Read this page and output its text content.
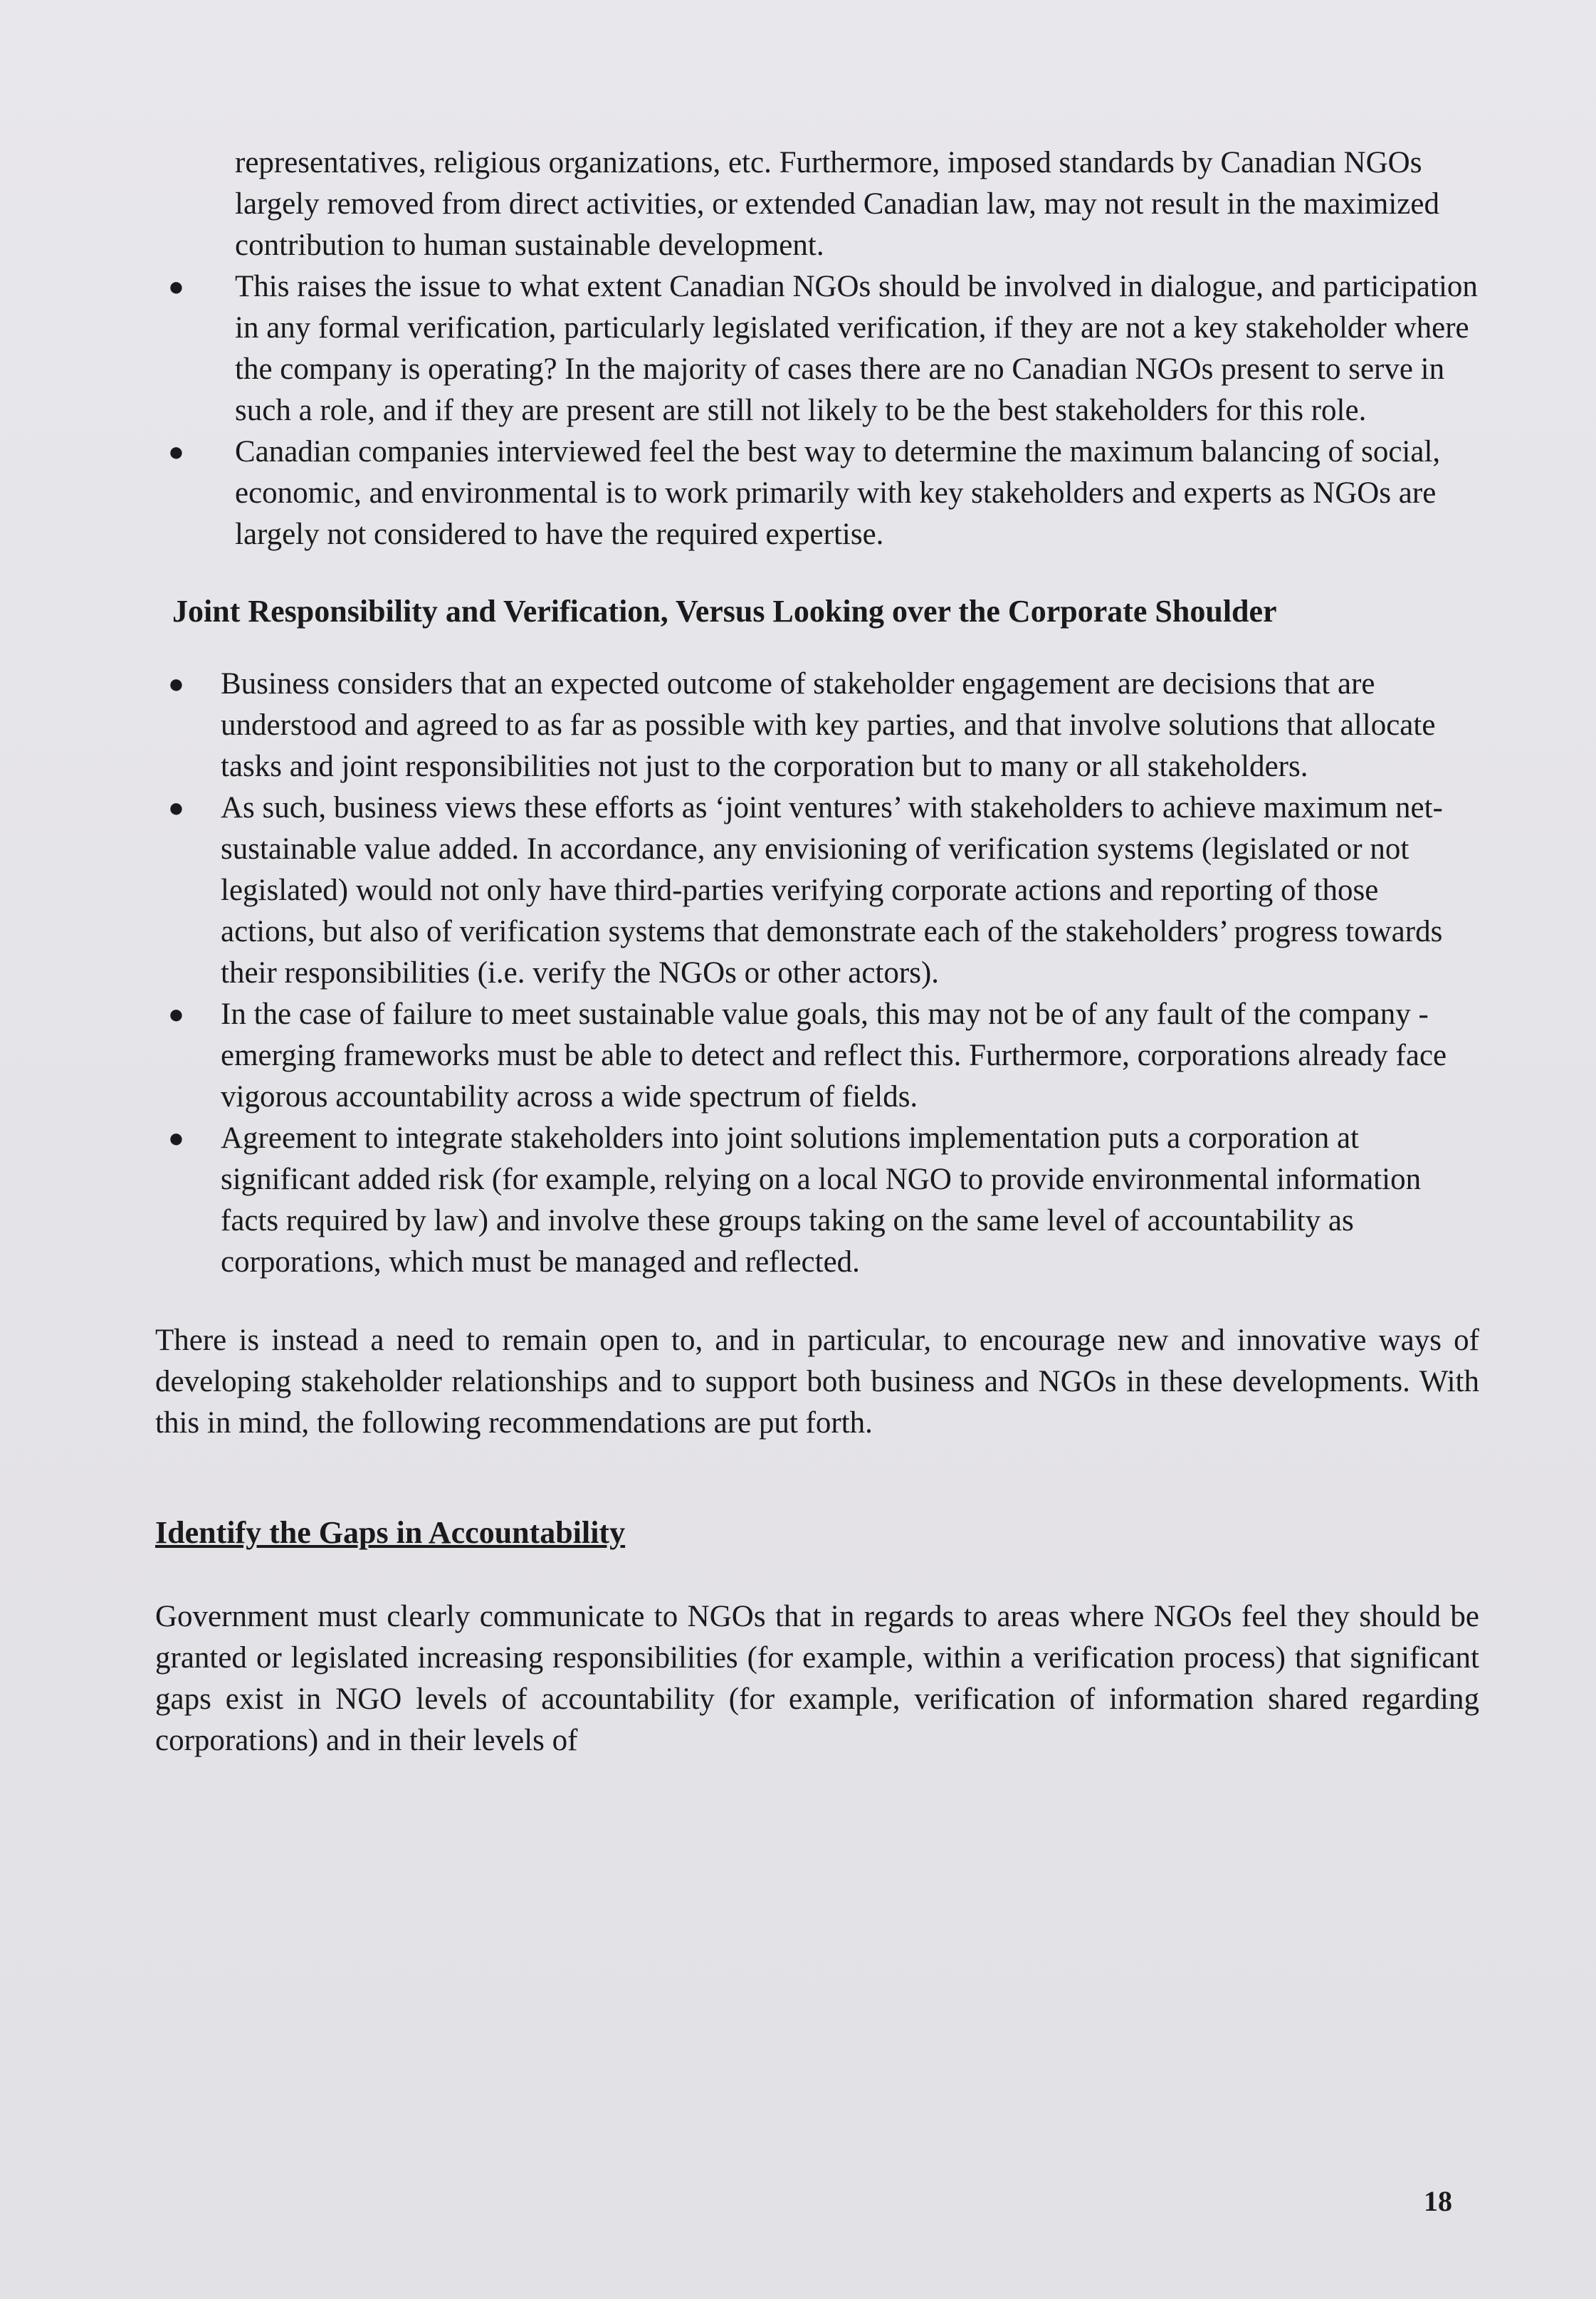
representatives, religious organizations, etc. Furthermore, imposed standards by Canadian NGOs largely removed from direct activities, or extended Canadian law, may not result in the maximized contribution to human sustainable development.

● This raises the issue to what extent Canadian NGOs should be involved in dialogue, and participation in any formal verification, particularly legislated verification, if they are not a key stakeholder where the company is operating? In the majority of cases there are no Canadian NGOs present to serve in such a role, and if they are present are still not likely to be the best stakeholders for this role.
● Canadian companies interviewed feel the best way to determine the maximum balancing of social, economic, and environmental is to work primarily with key stakeholders and experts as NGOs are largely not considered to have the required expertise.
Joint Responsibility and Verification, Versus Looking over the Corporate Shoulder
● Business considers that an expected outcome of stakeholder engagement are decisions that are understood and agreed to as far as possible with key parties, and that involve solutions that allocate tasks and joint responsibilities not just to the corporation but to many or all stakeholders.
● As such, business views these efforts as ‘joint ventures’ with stakeholders to achieve maximum net-sustainable value added. In accordance, any envisioning of verification systems (legislated or not legislated) would not only have third-parties verifying corporate actions and reporting of those actions, but also of verification systems that demonstrate each of the stakeholders’ progress towards their responsibilities (i.e. verify the NGOs or other actors).
● In the case of failure to meet sustainable value goals, this may not be of any fault of the company - emerging frameworks must be able to detect and reflect this. Furthermore, corporations already face vigorous accountability across a wide spectrum of fields.
● Agreement to integrate stakeholders into joint solutions implementation puts a corporation at significant added risk (for example, relying on a local NGO to provide environmental information facts required by law) and involve these groups taking on the same level of accountability as corporations, which must be managed and reflected.

There is instead a need to remain open to, and in particular, to encourage new and innovative ways of developing stakeholder relationships and to support both business and NGOs in these developments. With this in mind, the following recommendations are put forth.

Identify the Gaps in Accountability

Government must clearly communicate to NGOs that in regards to areas where NGOs feel they should be granted or legislated increasing responsibilities (for example, within a verification process) that significant gaps exist in NGO levels of accountability (for example, verification of information shared regarding corporations) and in their levels of

18
